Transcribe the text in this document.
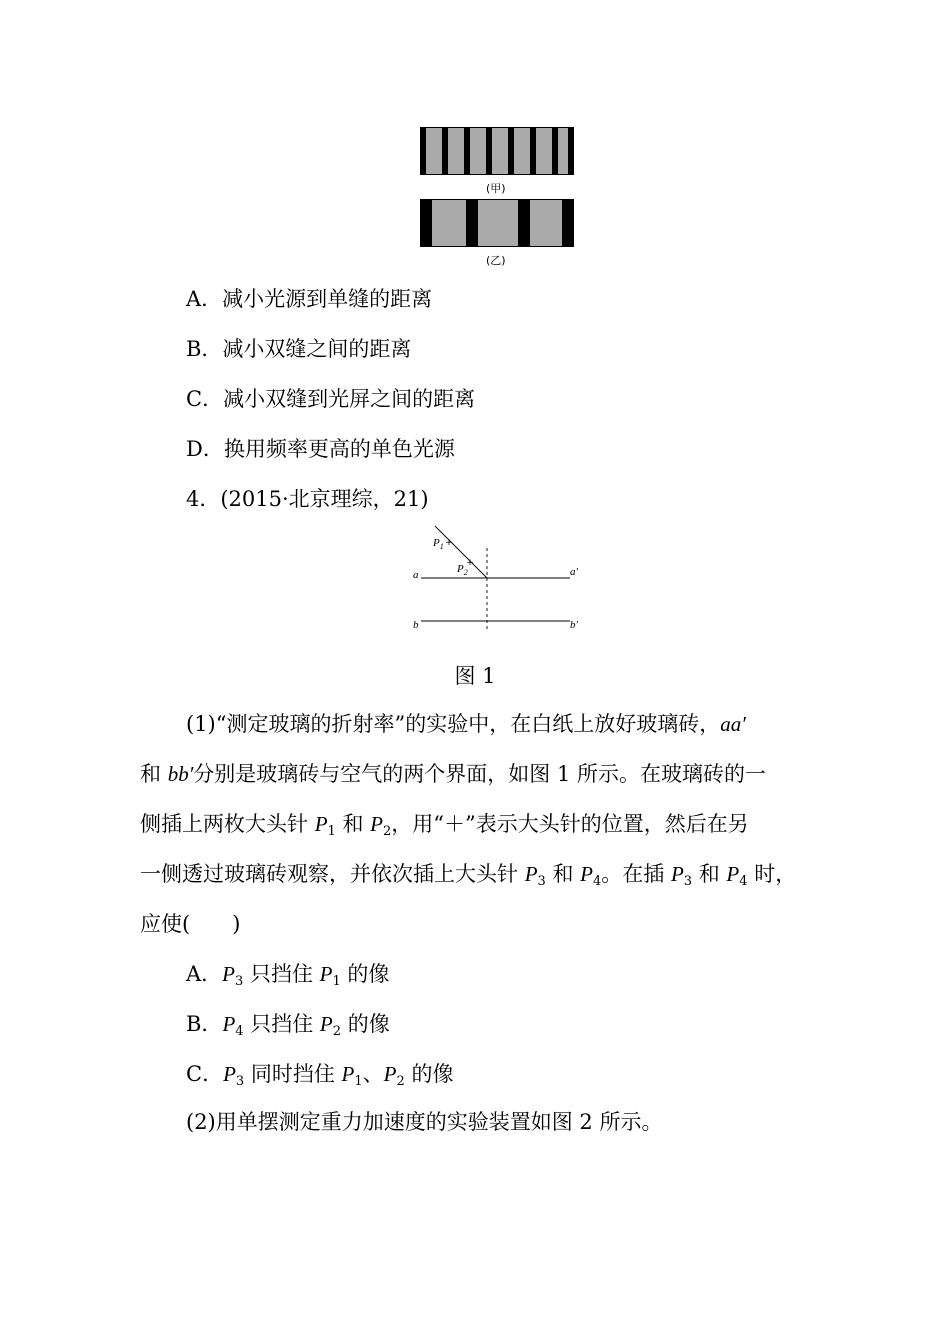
(甲)
(乙)
A．减小光源到单缝的距离
B．减小双缝之间的距离
C．减小双缝到光屏之间的距离
D．换用频率更高的单色光源
4．(2015·北京理综，21)
+
+
$P_1$
$P_2$
a	a′
b	b′
图 1
(1)“测定玻璃的折射率”的实验中，在白纸上放好玻璃砖，aa′
和 bb′分别是玻璃砖与空气的两个界面，如图 1 所示。在玻璃砖的一
侧插上两枚大头针 $P_1$ 和 $P_2$，用“＋”表示大头针的位置，然后在另
一侧透过玻璃砖观察，并依次插上大头针 $P_3$ 和 $P_4$。在插 $P_3$ 和 $P_4$ 时，
应使(　　)
A．$P_3$ 只挡住 $P_1$ 的像
B．$P_4$ 只挡住 $P_2$ 的像
C．$P_3$ 同时挡住 $P_1$、$P_2$ 的像
(2)用单摆测定重力加速度的实验装置如图 2 所示。
